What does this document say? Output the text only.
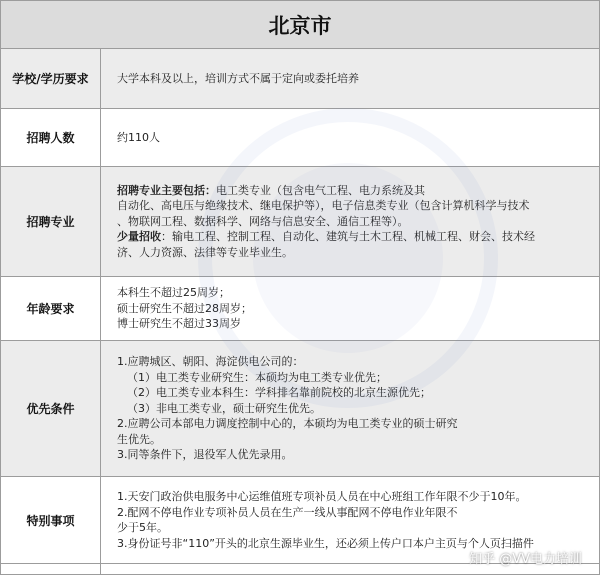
北京市
学校/学历要求	大学本科及以上，培训方式不属于定向或委托培养

招聘人数	约110人

招聘专业

招聘专业主要包括：电工类专业（包含电气工程、电力系统及其

自动化、高电压与绝缘技术、继电保护等），电子信息类专业（包含计算机科学与技术

、物联网工程、数据科学、网络与信息安全、通信工程等）。

少量招收：输电工程、控制工程、自动化、建筑与土木工程、机械工程、财会、技术经

济、人力资源、法律等专业毕业生。

年龄要求

本科生不超过25周岁；

硕士研究生不超过28周岁；

博士研究生不超过33周岁

优先条件

1.应聘城区、朝阳、海淀供电公司的：

（1）电工类专业研究生：本硕均为电工类专业优先；

（2）电工类专业本科生：学科排名靠前院校的北京生源优先；

（3）非电工类专业，硕士研究生优先。

2.应聘公司本部电力调度控制中心的，本硕均为电工类专业的硕士研究

生优先。

3.同等条件下，退役军人优先录用。

特别事项

1.天安门政治供电服务中心运维值班专项补员人员在中心班组工作年限不少于10年。

2.配网不停电作业专项补员人员在生产一线从事配网不停电作业年限不

少于5年。

3.身份证号非“110”开头的北京生源毕业生，还必须上传户口本户主页与个人页扫描件

知乎 @VV电力培训
